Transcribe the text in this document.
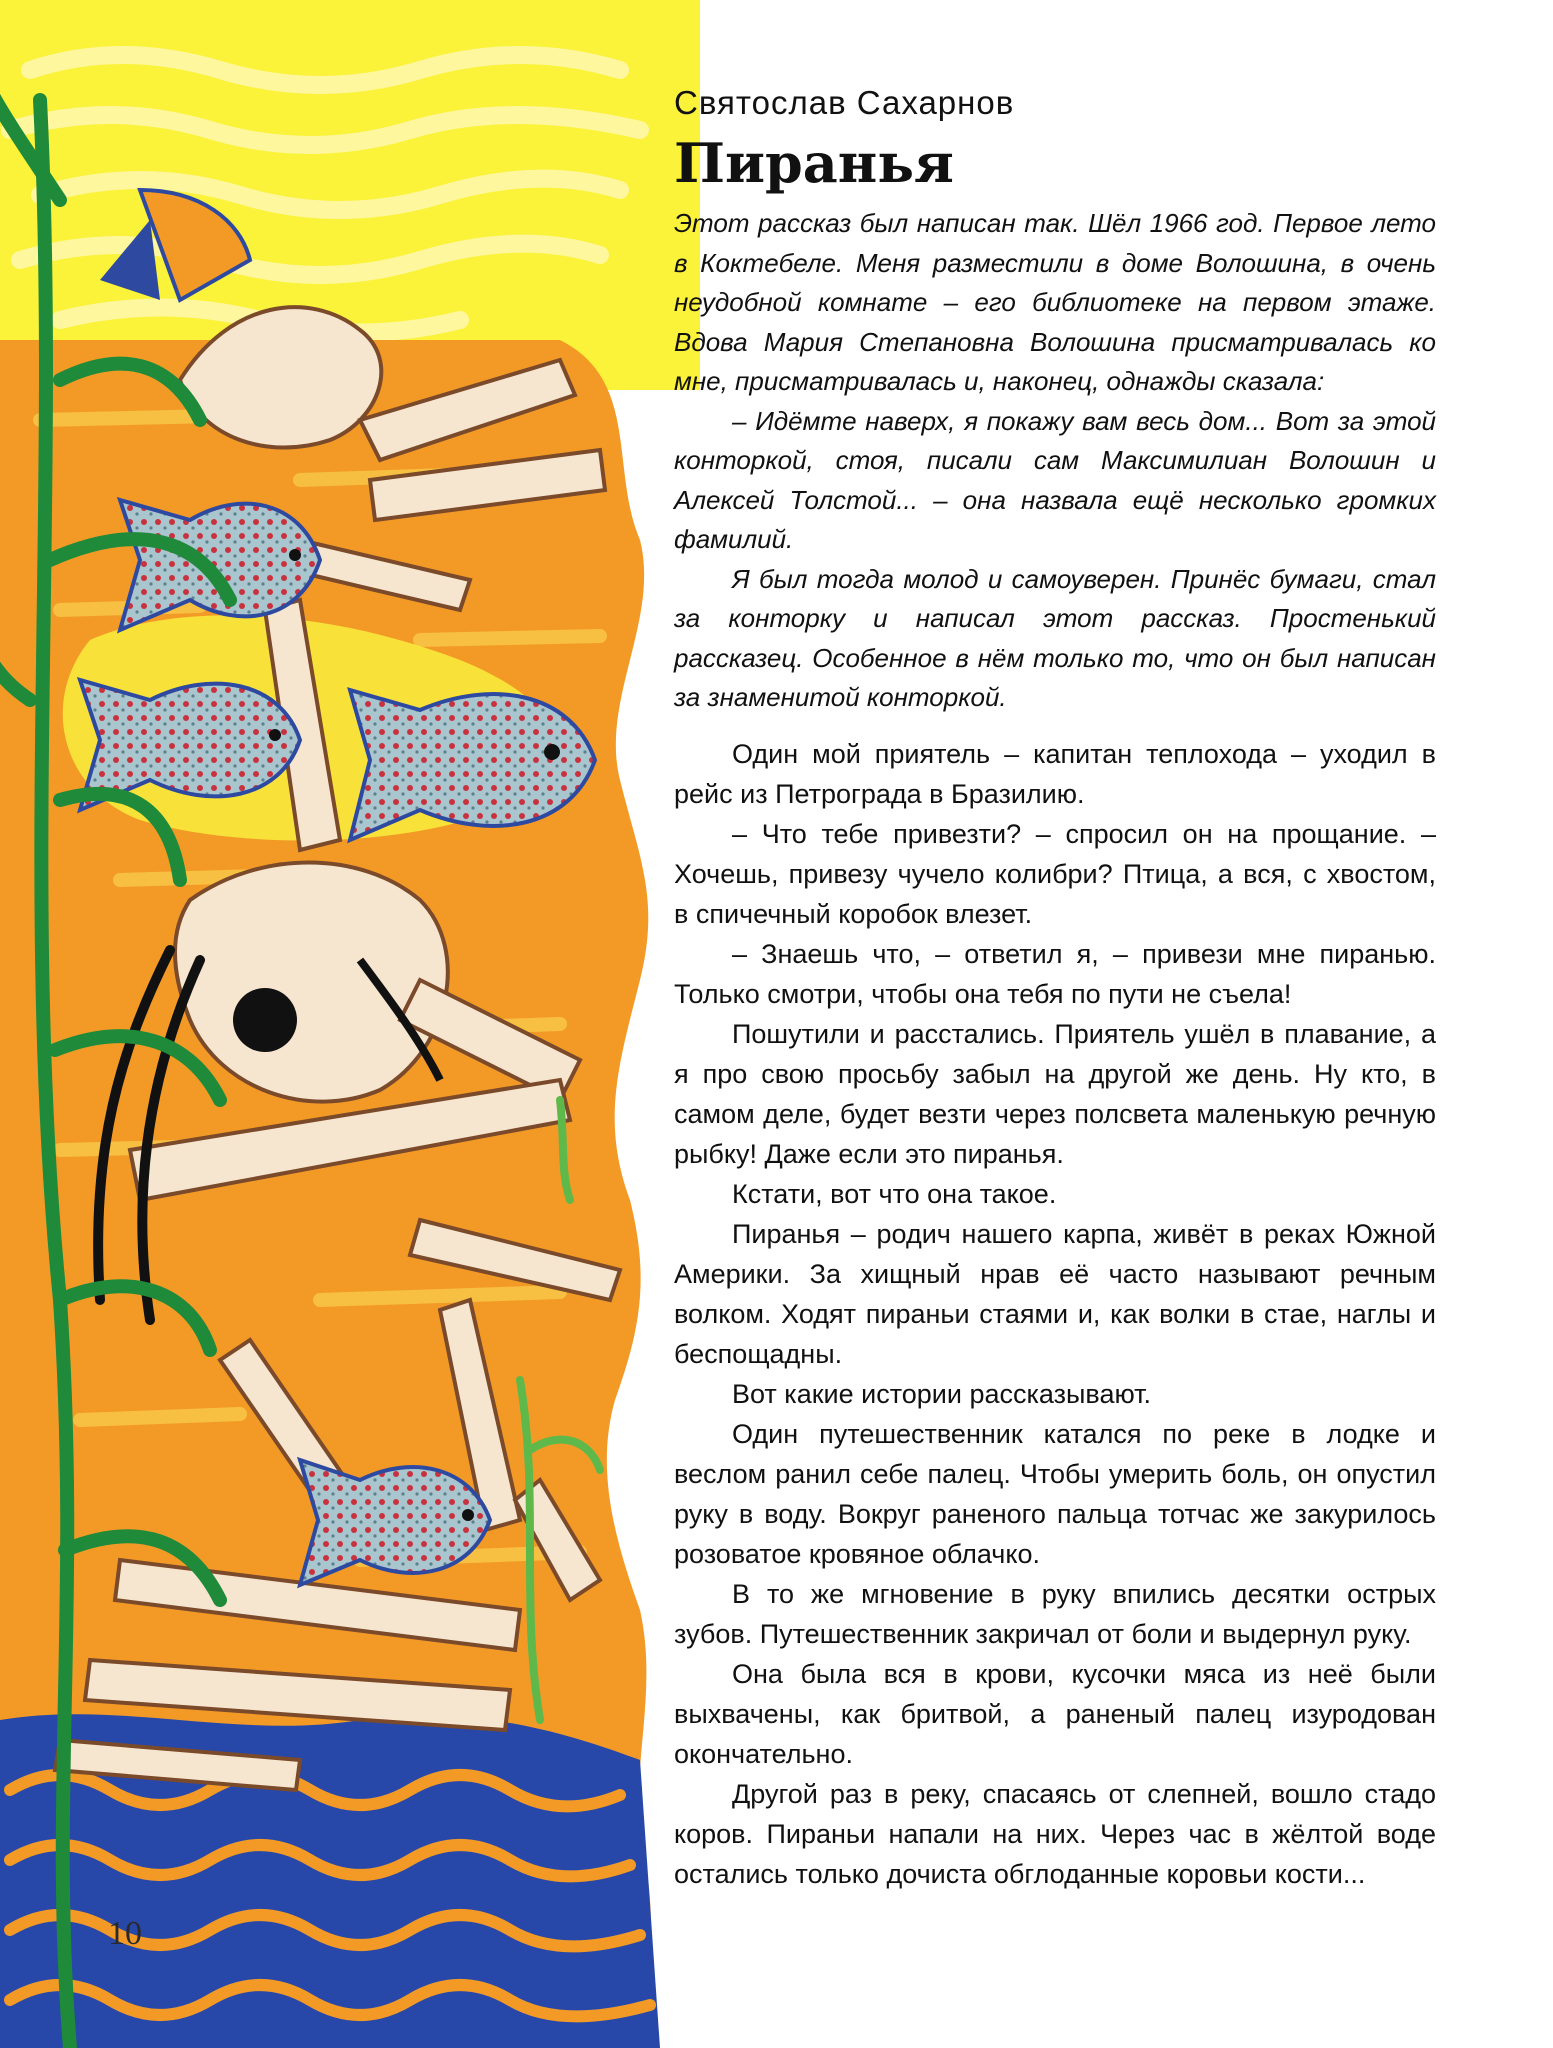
10
Святослав Сахарнов
Пиранья

Этот рассказ был написан так. Шёл 1966 год. Первое лето в Коктебеле. Меня разместили в доме Волошина, в очень неудобной комнате – его библиотеке на первом этаже. Вдова Мария Степановна Волошина присматривалась ко мне, присматривалась и, наконец, однажды сказала:

– Идёмте наверх, я покажу вам весь дом... Вот за этой конторкой, стоя, писали сам Максимилиан Волошин и Алексей Толстой... – она назвала ещё несколько громких фамилий.

Я был тогда молод и самоуверен. Принёс бумаги, стал за конторку и написал этот рассказ. Простенький рассказец. Особенное в нём только то, что он был написан за знаменитой конторкой.

Один мой приятель – капитан теплохода – уходил в рейс из Петрограда в Бразилию.

– Что тебе привезти? – спросил он на прощание. – Хочешь, привезу чучело колибри? Птица, а вся, с хвостом, в спичечный коробок влезет.

– Знаешь что, – ответил я, – привези мне пиранью. Только смотри, чтобы она тебя по пути не съела!

Пошутили и расстались. Приятель ушёл в плавание, а я про свою просьбу забыл на другой же день. Ну кто, в самом деле, будет везти через полсвета маленькую речную рыбку! Даже если это пиранья.

Кстати, вот что она такое.

Пиранья – родич нашего карпа, живёт в реках Южной Америки. За хищный нрав её часто называют речным волком. Ходят пираньи стаями и, как волки в стае, наглы и беспощадны.

Вот какие истории рассказывают.

Один путешественник катался по реке в лодке и веслом ранил себе палец. Чтобы умерить боль, он опустил руку в воду. Вокруг раненого пальца тотчас же закурилось розоватое кровяное облачко.

В то же мгновение в руку впились десятки острых зубов. Путешественник закричал от боли и выдернул руку.

Она была вся в крови, кусочки мяса из неё были выхвачены, как бритвой, а раненый палец изуродован окончательно.

Другой раз в реку, спасаясь от слепней, вошло стадо коров. Пираньи напали на них. Через час в жёлтой воде остались только дочиста обглоданные коровьи кости...
